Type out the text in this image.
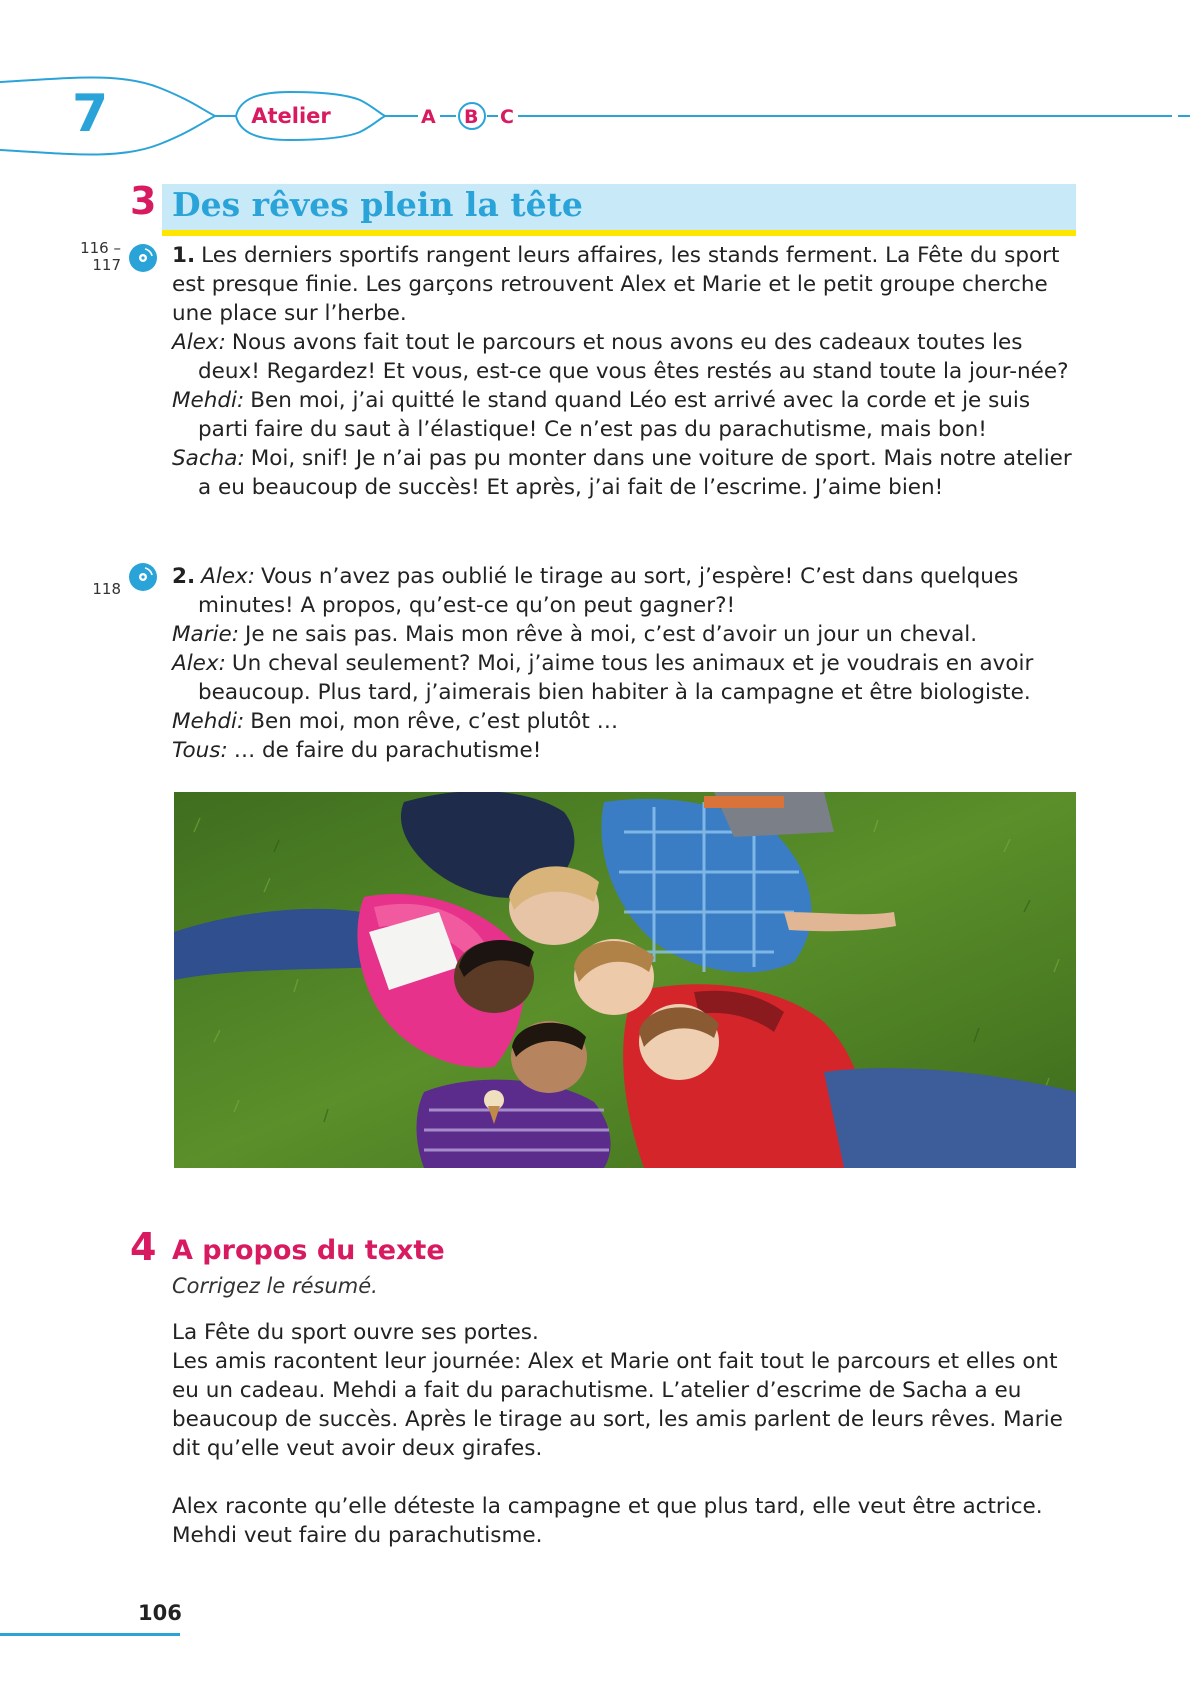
7	Atelier	A B C
3 Des rêves plein la tête
116 –
117
118

1. Les derniers sportifs rangent leurs affaires, les stands ferment. La Fête du sport est presque finie. Les garçons retrouvent Alex et Marie et le petit groupe cherche une place sur l’herbe.

Alex: Nous avons fait tout le parcours et nous avons eu des cadeaux toutes les deux! Regardez! Et vous, est-ce que vous êtes restés au stand toute la jour-née?

Mehdi: Ben moi, j’ai quitté le stand quand Léo est arrivé avec la corde et je suis parti faire du saut à l’élastique! Ce n’est pas du parachutisme, mais bon!

Sacha: Moi, snif! Je n’ai pas pu monter dans une voiture de sport. Mais notre atelier a eu beaucoup de succès! Et après, j’ai fait de l’escrime. J’aime bien!

2. Alex: Vous n’avez pas oublié le tirage au sort, j’espère! C’est dans quelques minutes! A propos, qu’est-ce qu’on peut gagner?!

Marie: Je ne sais pas. Mais mon rêve à moi, c’est d’avoir un jour un cheval.

Alex: Un cheval seulement? Moi, j’aime tous les animaux et je voudrais en avoir beaucoup. Plus tard, j’aimerais bien habiter à la campagne et être biologiste.

Mehdi: Ben moi, mon rêve, c’est plutôt …

Tous: … de faire du parachutisme!

4 A propos du texte
Corrigez le résumé.

La Fête du sport ouvre ses portes.

Les amis racontent leur journée: Alex et Marie ont fait tout le parcours et elles ont eu un cadeau. Mehdi a fait du parachutisme. L’atelier d’escrime de Sacha a eu beaucoup de succès. Après le tirage au sort, les amis parlent de leurs rêves. Marie dit qu’elle veut avoir deux girafes.

Alex raconte qu’elle déteste la campagne et que plus tard, elle veut être actrice. Mehdi veut faire du parachutisme.

106
